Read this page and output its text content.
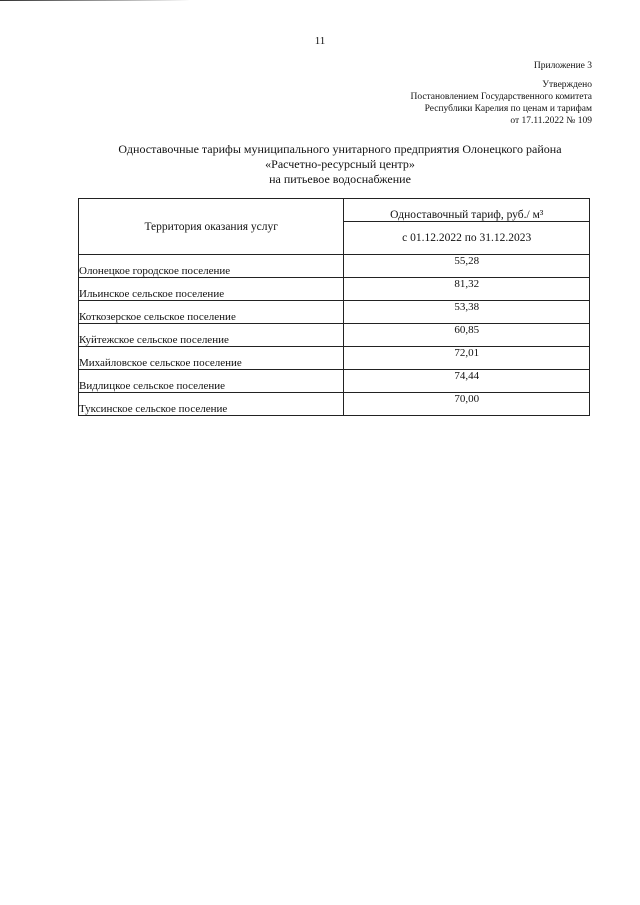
11
Приложение 3
Утверждено
Постановлением Государственного комитета
Республики Карелия по ценам и тарифам
от 17.11.2022 № 109
Одноставочные тарифы муниципального унитарного предприятия Олонецкого района
«Расчетно-ресурсный центр»
на питьевое водоснабжение
Территория оказания услуг	Одноставочный тариф, руб./ м³
	с 01.12.2022 по 31.12.2023
Олонецкое городское поселение	55,28
Ильинское сельское поселение	81,32
Коткозерское сельское поселение	53,38
Куйтежское сельское поселение	60,85
Михайловское сельское поселение	72,01
Видлицкое сельское поселение	74,44
Туксинское сельское поселение	70,00
